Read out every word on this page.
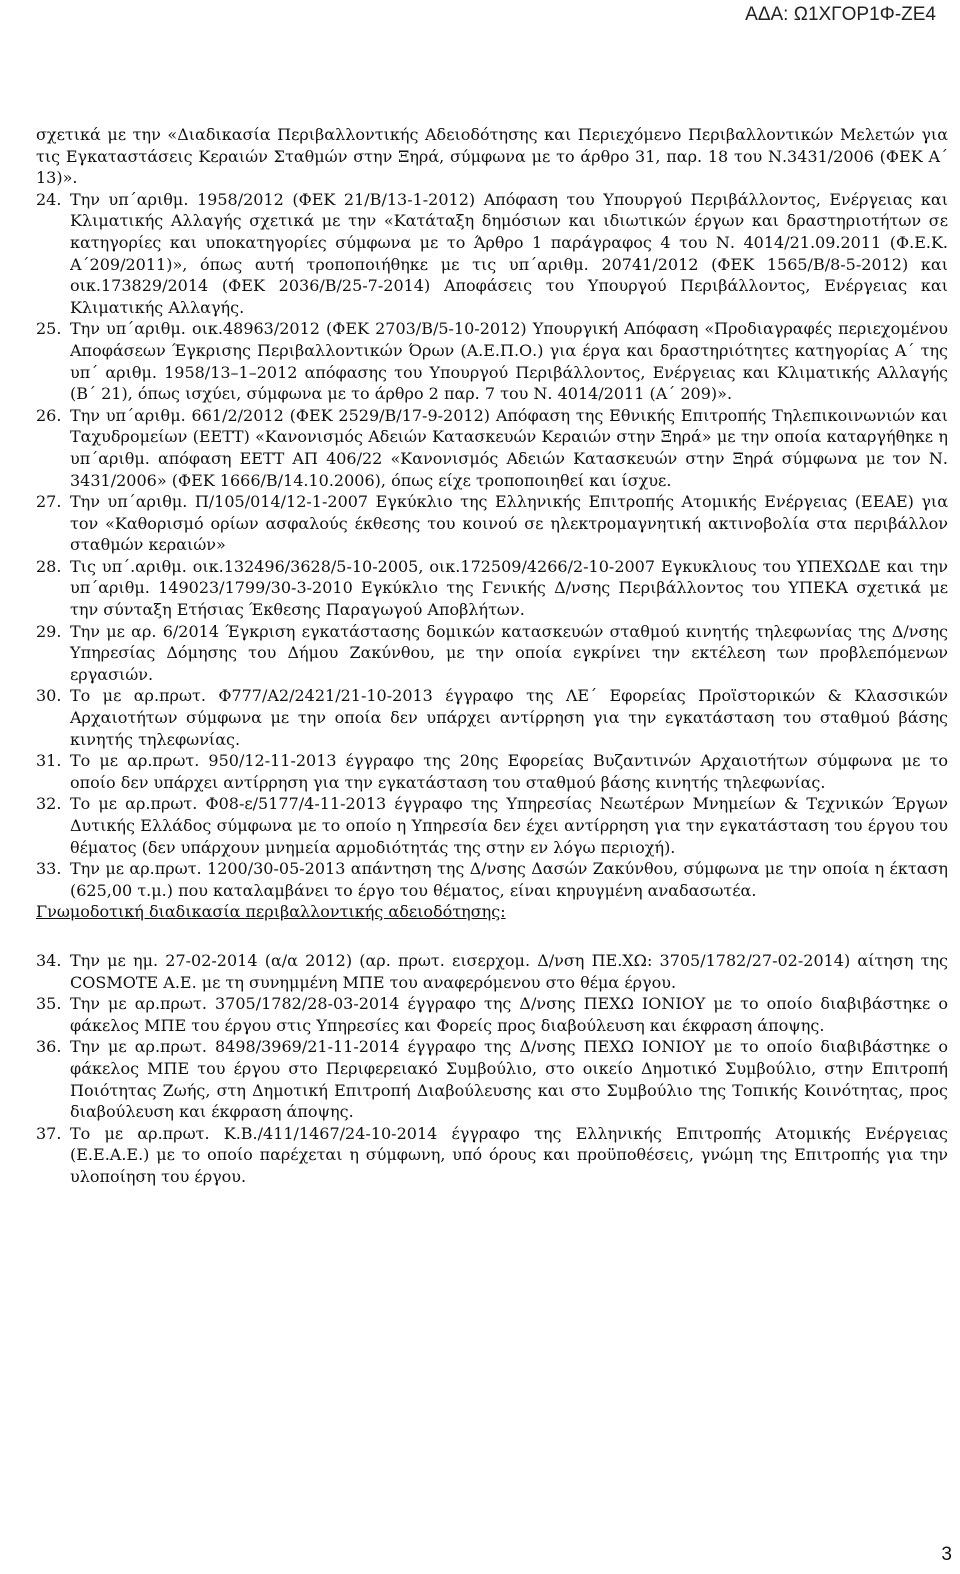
ΑΔΑ: Ω1ΧΓΟΡ1Φ-ΖΕ4

σχετικά με την «Διαδικασία Περιβαλλοντικής Αδειοδότησης και Περιεχόμενο Περιβαλλοντικών Μελετών για τις Εγκαταστάσεις Κεραιών Σταθμών στην Ξηρά, σύμφωνα με το άρθρο 31, παρ. 18 του Ν.3431/2006 (ΦΕΚ Α΄ 13)».

24. Την υπ΄αριθμ. 1958/2012 (ΦΕΚ 21/Β/13-1-2012) Απόφαση του Υπουργού Περιβάλλοντος, Ενέργειας και Κλιματικής Αλλαγής σχετικά με την «Κατάταξη δημόσιων και ιδιωτικών έργων και δραστηριοτήτων σε κατηγορίες και υποκατηγορίες σύμφωνα με το Άρθρο 1 παράγραφος 4 του Ν. 4014/21.09.2011 (Φ.Ε.Κ. Α΄209/2011)», όπως αυτή τροποποιήθηκε με τις υπ΄αριθμ. 20741/2012 (ΦΕΚ 1565/Β/8-5-2012) και οικ.173829/2014 (ΦΕΚ 2036/Β/25-7-2014) Αποφάσεις του Υπουργού Περιβάλλοντος, Ενέργειας και Κλιματικής Αλλαγής.
25. Την υπ΄αριθμ. οικ.48963/2012 (ΦΕΚ 2703/Β/5-10-2012) Υπουργική Απόφαση «Προδιαγραφές περιεχομένου Αποφάσεων Έγκρισης Περιβαλλοντικών Όρων (Α.Ε.Π.Ο.) για έργα και δραστηριότητες κατηγορίας Α΄ της υπ΄ αριθμ. 1958/13–1–2012 απόφασης του Υπουργού Περιβάλλοντος, Ενέργειας και Κλιματικής Αλλαγής (Β΄ 21), όπως ισχύει, σύμφωνα με το άρθρο 2 παρ. 7 του Ν. 4014/2011 (Α΄ 209)».
26. Την υπ΄αριθμ. 661/2/2012 (ΦΕΚ 2529/Β/17-9-2012) Απόφαση της Εθνικής Επιτροπής Τηλεπικοινωνιών και Ταχυδρομείων (ΕΕΤΤ) «Κανονισμός Αδειών Κατασκευών Κεραιών στην Ξηρά» με την οποία καταργήθηκε η υπ΄αριθμ. απόφαση ΕΕΤΤ ΑΠ 406/22 «Κανονισμός Αδειών Κατασκευών στην Ξηρά σύμφωνα με τον Ν. 3431/2006» (ΦΕΚ 1666/Β/14.10.2006), όπως είχε τροποποιηθεί και ίσχυε.
27. Την υπ΄αριθμ. Π/105/014/12-1-2007 Εγκύκλιο της Ελληνικής Επιτροπής Ατομικής Ενέργειας (ΕΕΑΕ) για τον «Καθορισμό ορίων ασφαλούς έκθεσης του κοινού σε ηλεκτρομαγνητική ακτινοβολία στα περιβάλλον σταθμών κεραιών»
28. Τις υπ΄.αριθμ. οικ.132496/3628/5-10-2005, οικ.172509/4266/2-10-2007 Εγκυκλιους του ΥΠΕΧΩΔΕ και την υπ΄αριθμ. 149023/1799/30-3-2010 Εγκύκλιο της Γενικής Δ/νσης Περιβάλλοντος του ΥΠΕΚΑ σχετικά με την σύνταξη Ετήσιας Έκθεσης Παραγωγού Αποβλήτων.
29. Την με αρ. 6/2014 Έγκριση εγκατάστασης δομικών κατασκευών σταθμού κινητής τηλεφωνίας της Δ/νσης Υπηρεσίας Δόμησης του Δήμου Ζακύνθου, με την οποία εγκρίνει την εκτέλεση των προβλεπόμενων εργασιών.
30. Το με αρ.πρωτ. Φ777/Α2/2421/21-10-2013 έγγραφο της ΛΕ΄ Εφορείας Προϊστορικών & Κλασσικών Αρχαιοτήτων σύμφωνα με την οποία δεν υπάρχει αντίρρηση για την εγκατάσταση του σταθμού βάσης κινητής τηλεφωνίας.
31. Το με αρ.πρωτ. 950/12-11-2013 έγγραφο της 20ης Εφορείας Βυζαντινών Αρχαιοτήτων σύμφωνα με το οποίο δεν υπάρχει αντίρρηση για την εγκατάσταση του σταθμού βάσης κινητής τηλεφωνίας.
32. Το με αρ.πρωτ. Φ08-ε/5177/4-11-2013 έγγραφο της Υπηρεσίας Νεωτέρων Μνημείων & Τεχνικών Έργων Δυτικής Ελλάδος σύμφωνα με το οποίο η Υπηρεσία δεν έχει αντίρρηση για την εγκατάσταση του έργου του θέματος (δεν υπάρχουν μνημεία αρμοδιότητάς της στην εν λόγω περιοχή).
33. Την με αρ.πρωτ. 1200/30-05-2013 απάντηση της Δ/νσης Δασών Ζακύνθου, σύμφωνα με την οποία η έκταση (625,00 τ.μ.) που καταλαμβάνει το έργο του θέματος, είναι κηρυγμένη αναδασωτέα.

Γνωμοδοτική διαδικασία περιβαλλοντικής αδειοδότησης:

34. Την με ημ. 27-02-2014 (α/α 2012) (αρ. πρωτ. εισερχομ. Δ/νση ΠΕ.ΧΩ: 3705/1782/27-02-2014) αίτηση της COSMOTE Α.Ε. με τη συνημμένη ΜΠΕ του αναφερόμενου στο θέμα έργου.
35. Την με αρ.πρωτ. 3705/1782/28-03-2014 έγγραφο της Δ/νσης ΠΕΧΩ ΙΟΝΙΟΥ με το οποίο διαβιβάστηκε ο φάκελος ΜΠΕ του έργου στις Υπηρεσίες και Φορείς προς διαβούλευση και έκφραση άποψης.
36. Την με αρ.πρωτ. 8498/3969/21-11-2014 έγγραφο της Δ/νσης ΠΕΧΩ ΙΟΝΙΟΥ με το οποίο διαβιβάστηκε ο φάκελος ΜΠΕ του έργου στο Περιφερειακό Συμβούλιο, στο οικείο Δημοτικό Συμβούλιο, στην Επιτροπή Ποιότητας Ζωής, στη Δημοτική Επιτροπή Διαβούλευσης και στο Συμβούλιο της Τοπικής Κοινότητας, προς διαβούλευση και έκφραση άποψης.
37. Το με αρ.πρωτ. Κ.Β./411/1467/24-10-2014 έγγραφο της Ελληνικής Επιτροπής Ατομικής Ενέργειας (Ε.Ε.Α.Ε.) με το οποίο παρέχεται η σύμφωνη, υπό όρους και προϋποθέσεις, γνώμη της Επιτροπής για την υλοποίηση του έργου.
3
